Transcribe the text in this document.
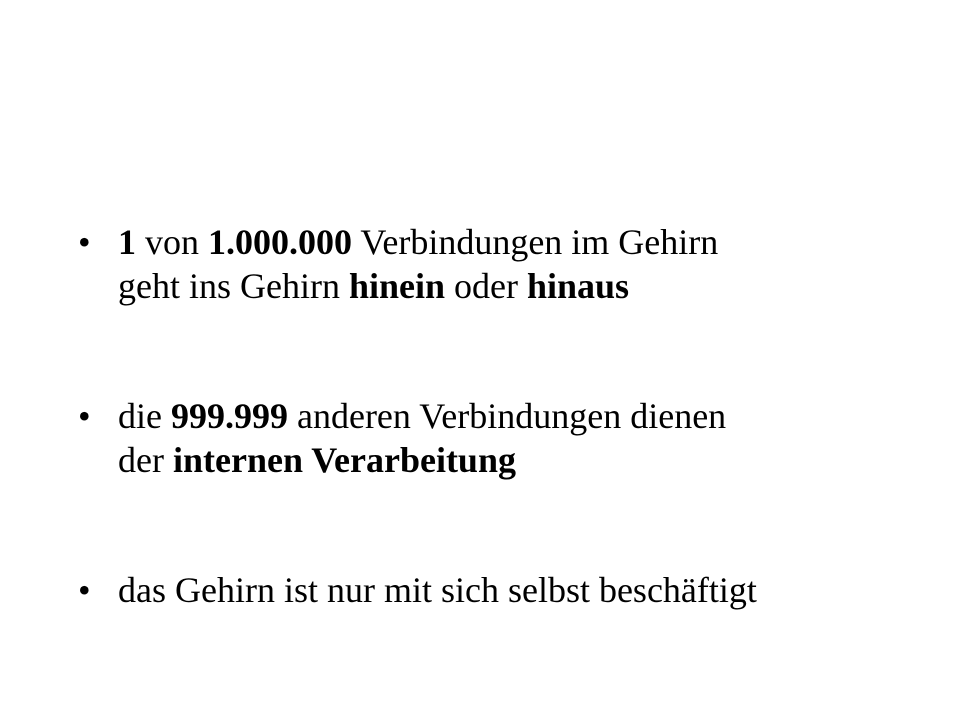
• 1 von 1.000.000 Verbindungen im Gehirn
geht ins Gehirn hinein oder hinaus
• die 999.999 anderen Verbindungen dienen
der internen Verarbeitung
• das Gehirn ist nur mit sich selbst beschäftigt
